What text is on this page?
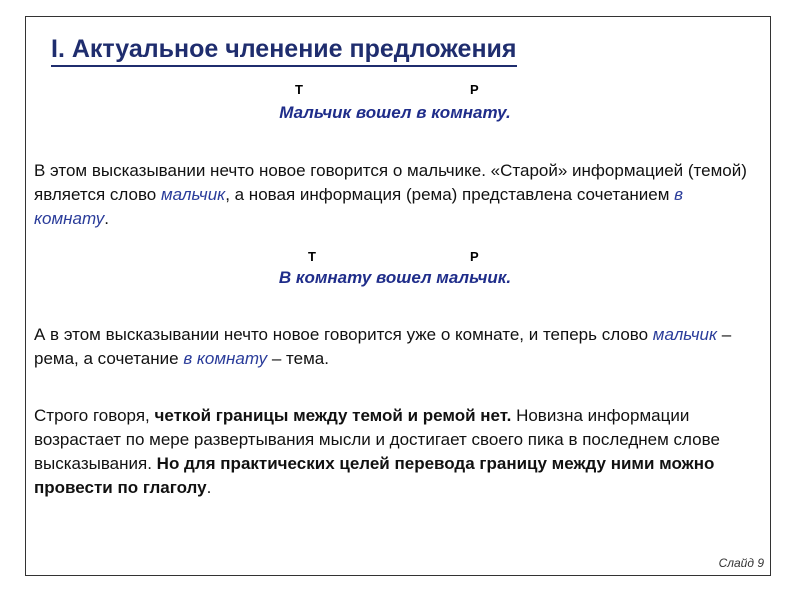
I. Актуальное членение предложения
Т	Р
Мальчик вошел в комнату.

В этом высказывании нечто новое говорится о мальчике. «Старой» информацией (темой) является слово мальчик, а новая информация (рема) представлена сочетанием в комнату.

Т	Р
В комнату вошел мальчик.

А в этом высказывании нечто новое говорится уже о комнате, и теперь слово мальчик – рема, а сочетание в комнату – тема.

Строго говоря, четкой границы между темой и ремой нет. Новизна информации возрастает по мере развертывания мысли и достигает своего пика в последнем слове высказывания. Но для практических целей перевода границу между ними можно провести по глаголу.

Слайд 9
